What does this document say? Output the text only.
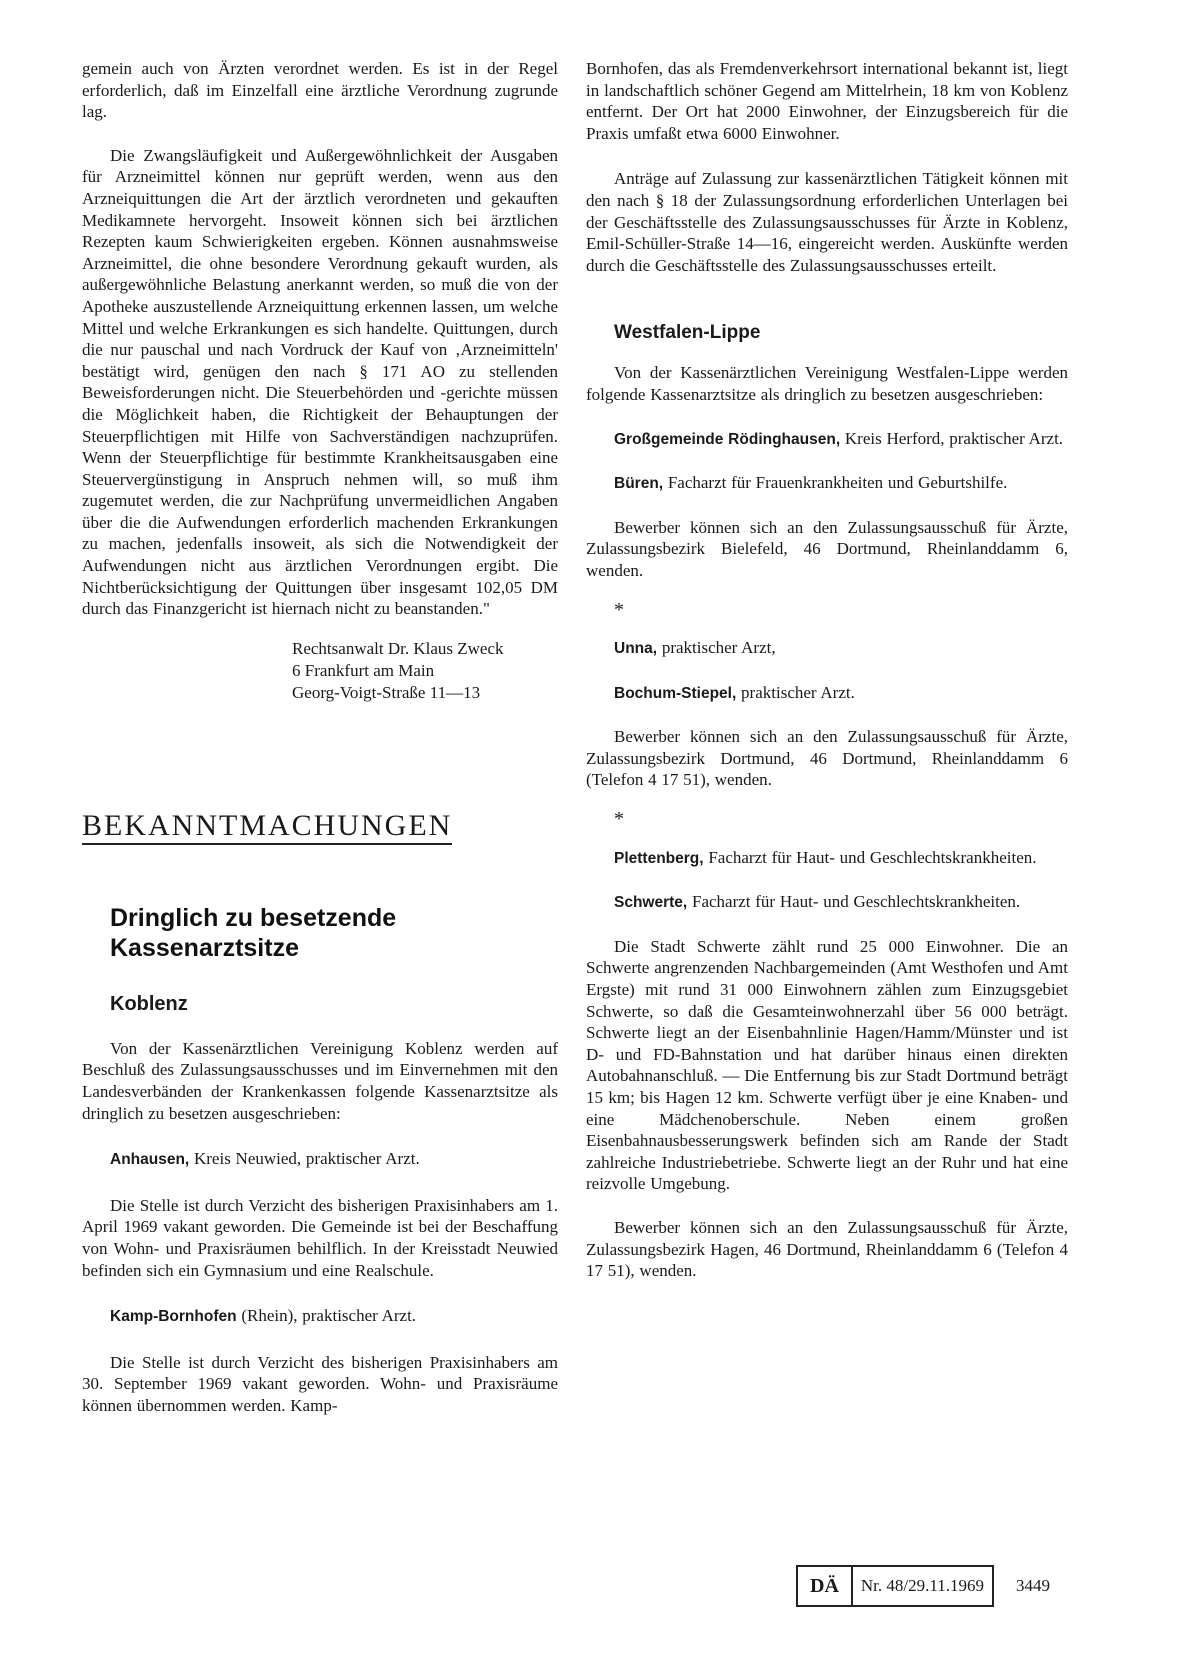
gemein auch von Ärzten verordnet werden. Es ist in der Regel erforderlich, daß im Einzelfall eine ärztliche Verordnung zugrunde lag.

Die Zwangsläufigkeit und Außergewöhnlichkeit der Ausgaben für Arzneimittel können nur geprüft werden, wenn aus den Arzneiquittungen die Art der ärztlich verordneten und gekauften Medikamnete hervorgeht. Insoweit können sich bei ärztlichen Rezepten kaum Schwierigkeiten ergeben. Können ausnahmsweise Arzneimittel, die ohne besondere Verordnung gekauft wurden, als außergewöhnliche Belastung anerkannt werden, so muß die von der Apotheke auszustellende Arzneiquittung erkennen lassen, um welche Mittel und welche Erkrankungen es sich handelte. Quittungen, durch die nur pauschal und nach Vordruck der Kauf von ‚Arzneimitteln' bestätigt wird, genügen den nach § 171 AO zu stellenden Beweisforderungen nicht. Die Steuerbehörden und -gerichte müssen die Möglichkeit haben, die Richtigkeit der Behauptungen der Steuerpflichtigen mit Hilfe von Sachverständigen nachzuprüfen. Wenn der Steuerpflichtige für bestimmte Krankheitsausgaben eine Steuervergünstigung in Anspruch nehmen will, so muß ihm zugemutet werden, die zur Nachprüfung unvermeidlichen Angaben über die die Aufwendungen erforderlich machenden Erkrankungen zu machen, jedenfalls insoweit, als sich die Notwendigkeit der Aufwendungen nicht aus ärztlichen Verordnungen ergibt. Die Nichtberücksichtigung der Quittungen über insgesamt 102,05 DM durch das Finanzgericht ist hiernach nicht zu beanstanden."

Rechtsanwalt Dr. Klaus Zweck
6 Frankfurt am Main
Georg-Voigt-Straße 11—13
BEKANNTMACHUNGEN
Dringlich zu besetzende
Kassenarztsitze
Koblenz

Von der Kassenärztlichen Vereinigung Koblenz werden auf Beschluß des Zulassungsausschusses und im Einvernehmen mit den Landesverbänden der Krankenkassen folgende Kassenarztsitze als dringlich zu besetzen ausgeschrieben:

Anhausen, Kreis Neuwied, praktischer Arzt.

Die Stelle ist durch Verzicht des bisherigen Praxisinhabers am 1. April 1969 vakant geworden. Die Gemeinde ist bei der Beschaffung von Wohn- und Praxisräumen behilflich. In der Kreisstadt Neuwied befinden sich ein Gymnasium und eine Realschule.

Kamp-Bornhofen (Rhein), praktischer Arzt.

Die Stelle ist durch Verzicht des bisherigen Praxisinhabers am 30. September 1969 vakant geworden. Wohn- und Praxisräume können übernommen werden. Kamp-

Bornhofen, das als Fremdenverkehrsort international bekannt ist, liegt in landschaftlich schöner Gegend am Mittelrhein, 18 km von Koblenz entfernt. Der Ort hat 2000 Einwohner, der Einzugsbereich für die Praxis umfaßt etwa 6000 Einwohner.

Anträge auf Zulassung zur kassenärztlichen Tätigkeit können mit den nach § 18 der Zulassungsordnung erforderlichen Unterlagen bei der Geschäftsstelle des Zulassungsausschusses für Ärzte in Koblenz, Emil-Schüller-Straße 14—16, eingereicht werden. Auskünfte werden durch die Geschäftsstelle des Zulassungsausschusses erteilt.

Westfalen-Lippe

Von der Kassenärztlichen Vereinigung Westfalen-Lippe werden folgende Kassenarztsitze als dringlich zu besetzen ausgeschrieben:

Großgemeinde Rödinghausen, Kreis Herford, praktischer Arzt.

Büren, Facharzt für Frauenkrankheiten und Geburtshilfe.

Bewerber können sich an den Zulassungsausschuß für Ärzte, Zulassungsbezirk Bielefeld, 46 Dortmund, Rheinlanddamm 6, wenden.

*

Unna, praktischer Arzt,

Bochum-Stiepel, praktischer Arzt.

Bewerber können sich an den Zulassungsausschuß für Ärzte, Zulassungsbezirk Dortmund, 46 Dortmund, Rheinlanddamm 6 (Telefon 4 17 51), wenden.

*

Plettenberg, Facharzt für Haut- und Geschlechtskrankheiten.

Schwerte, Facharzt für Haut- und Geschlechtskrankheiten.

Die Stadt Schwerte zählt rund 25 000 Einwohner. Die an Schwerte angrenzenden Nachbargemeinden (Amt Westhofen und Amt Ergste) mit rund 31 000 Einwohnern zählen zum Einzugsgebiet Schwerte, so daß die Gesamteinwohnerzahl über 56 000 beträgt. Schwerte liegt an der Eisenbahnlinie Hagen/Hamm/Münster und ist D- und FD-Bahnstation und hat darüber hinaus einen direkten Autobahnanschluß. — Die Entfernung bis zur Stadt Dortmund beträgt 15 km; bis Hagen 12 km. Schwerte verfügt über je eine Knaben- und eine Mädchenoberschule. Neben einem großen Eisenbahnausbesserungswerk befinden sich am Rande der Stadt zahlreiche Industriebetriebe. Schwerte liegt an der Ruhr und hat eine reizvolle Umgebung.

Bewerber können sich an den Zulassungsausschuß für Ärzte, Zulassungsbezirk Hagen, 46 Dortmund, Rheinlanddamm 6 (Telefon 4 17 51), wenden.

DÄ	Nr. 48/29.11.1969	3449
